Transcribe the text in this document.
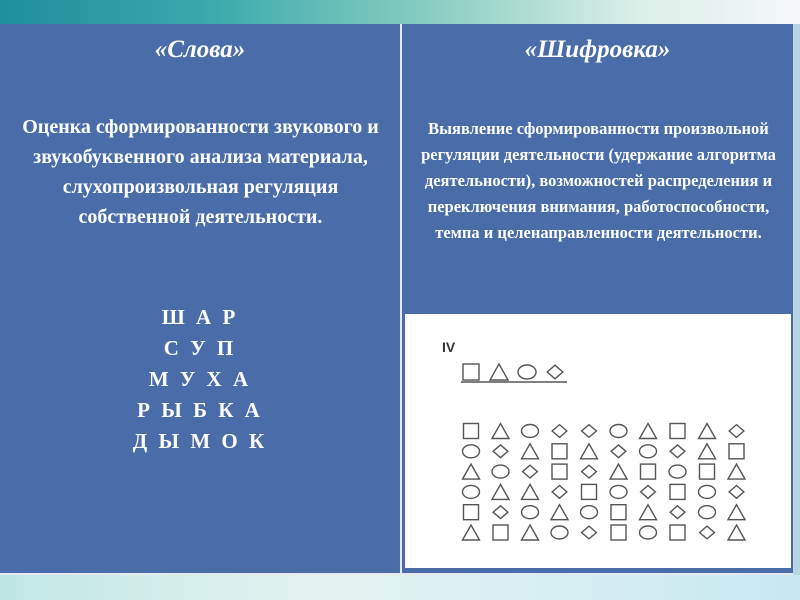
«Слова»	«Шифровка»
Оценка сформированности звукового и звукобуквенного анализа материала, слухопроизвольная регуляция собственной деятельности.
Ш А Р
С У П
М У Х А
Р Ы Б К А
Д Ы М О К
Выявление сформированности произвольной регуляции деятельности (удержание алгоритма деятельности), возможностей распределения и переключения внимания, работоспособности, темпа и целенаправленности деятельности.
IV
